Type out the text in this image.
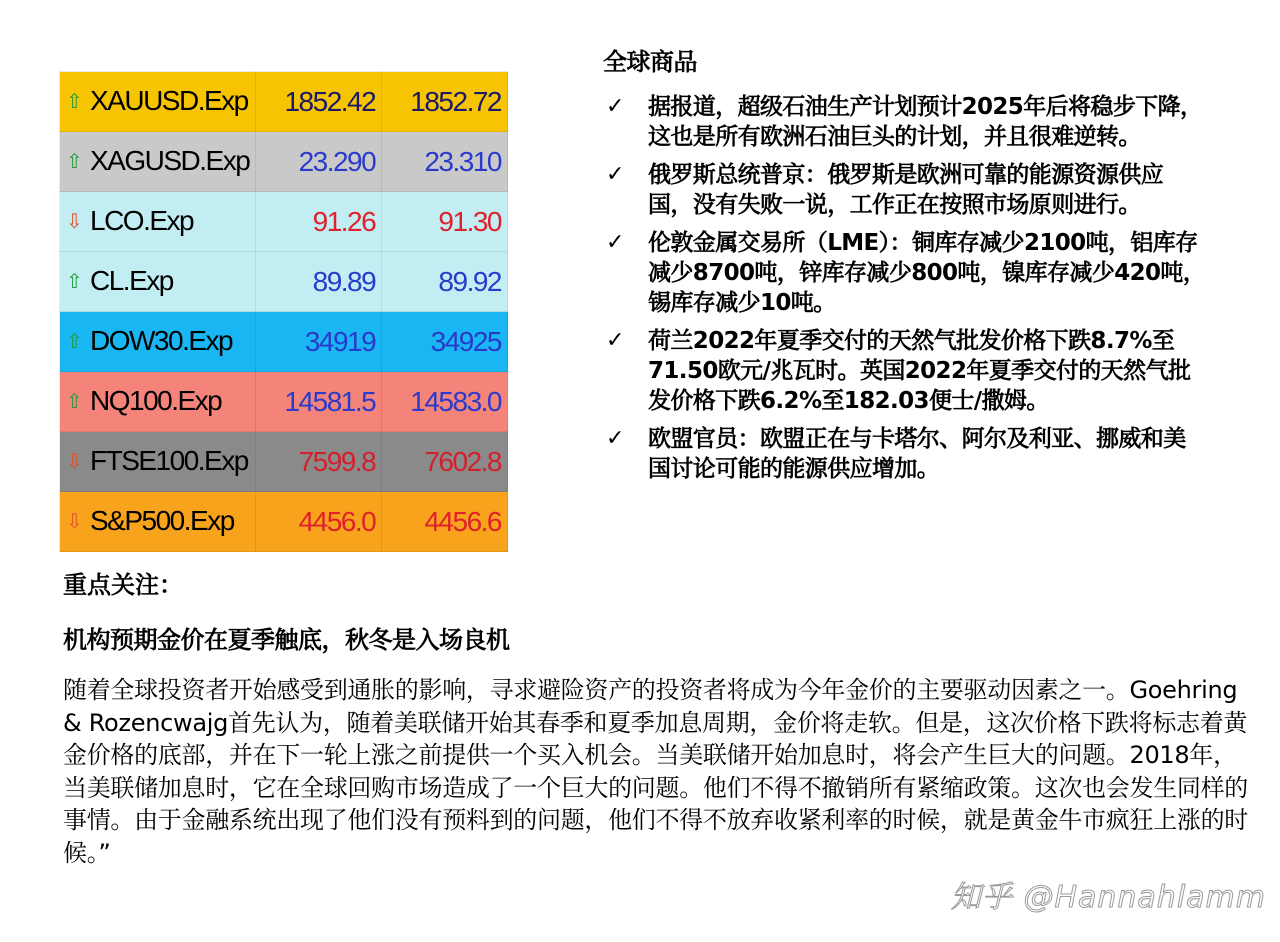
⇧ XAUUSD.Exp	1852.42	1852.72
⇧ XAGUSD.Exp	23.290	23.310
⇩ LCO.Exp	91.26	91.30
⇧ CL.Exp	89.89	89.92
⇧ DOW30.Exp	34919	34925
⇧ NQ100.Exp	14581.5	14583.0
⇩ FTSE100.Exp	7599.8	7602.8
⇩ S&P500.Exp	4456.0	4456.6
全球商品
✓ 据报道，超级石油生产计划预计2025年后将稳步下降，这也是所有欧洲石油巨头的计划，并且很难逆转。
✓ 俄罗斯总统普京：俄罗斯是欧洲可靠的能源资源供应国，没有失败一说，工作正在按照市场原则进行。
✓ 伦敦金属交易所（LME）：铜库存减少2100吨，铝库存减少8700吨，锌库存减少800吨，镍库存减少420吨，锡库存减少10吨。
✓ 荷兰2022年夏季交付的天然气批发价格下跌8.7%至71.50欧元/兆瓦时。英国2022年夏季交付的天然气批发价格下跌6.2%至182.03便士/撒姆。
✓ 欧盟官员：欧盟正在与卡塔尔、阿尔及利亚、挪威和美国讨论可能的能源供应增加。
重点关注：
机构预期金价在夏季触底，秋冬是入场良机

随着全球投资者开始感受到通胀的影响，寻求避险资产的投资者将成为今年金价的主要驱动因素之一。Goehring & Rozencwajg首先认为，随着美联储开始其春季和夏季加息周期，金价将走软。但是，这次价格下跌将标志着黄金价格的底部，并在下一轮上涨之前提供一个买入机会。当美联储开始加息时，将会产生巨大的问题。2018年，当美联储加息时，它在全球回购市场造成了一个巨大的问题。他们不得不撤销所有紧缩政策。这次也会发生同样的事情。由于金融系统出现了他们没有预料到的问题，他们不得不放弃收紧利率的时候，就是黄金牛市疯狂上涨的时候。”

知乎 @Hannahlamm
